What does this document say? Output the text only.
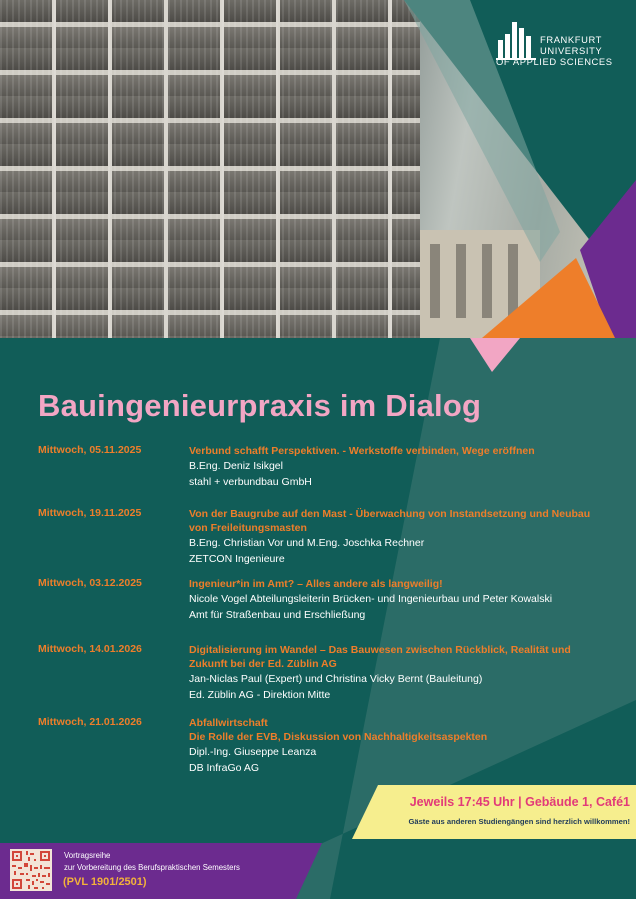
FRANKFURT
UNIVERSITY
OF APPLIED SCIENCES
Bauingenieurpraxis im Dialog
Mittwoch, 05.11.2025	Verbund schafft Perspektiven. - Werkstoffe verbinden, Wege eröffnen
B.Eng. Deniz Isikgel
stahl + verbundbau GmbH
Mittwoch, 19.11.2025	Von der Baugrube auf den Mast - Überwachung von Instandsetzung und Neubau von Freileitungsmasten
B.Eng. Christian Vor und M.Eng. Joschka Rechner
ZETCON Ingenieure
Mittwoch, 03.12.2025	Ingenieur*in im Amt? – Alles andere als langweilig!
Nicole Vogel Abteilungsleiterin Brücken- und Ingenieurbau und Peter Kowalski
Amt für Straßenbau und Erschließung
Mittwoch, 14.01.2026	Digitalisierung im Wandel – Das Bauwesen zwischen Rückblick, Realität und Zukunft bei der Ed. Züblin AG
Jan-Niclas Paul (Expert) und Christina Vicky Bernt (Bauleitung)
Ed. Züblin AG - Direktion Mitte
Mittwoch, 21.01.2026	Abfallwirtschaft
Die Rolle der EVB, Diskussion von Nachhaltigkeitsaspekten
Dipl.-Ing. Giuseppe Leanza
DB InfraGo AG
Jeweils 17:45 Uhr | Gebäude 1, Café1
Gäste aus anderen Studiengängen sind herzlich willkommen!
Vortragsreihe
zur Vorbereitung des Berufspraktischen Semesters
(PVL 1901/2501)
